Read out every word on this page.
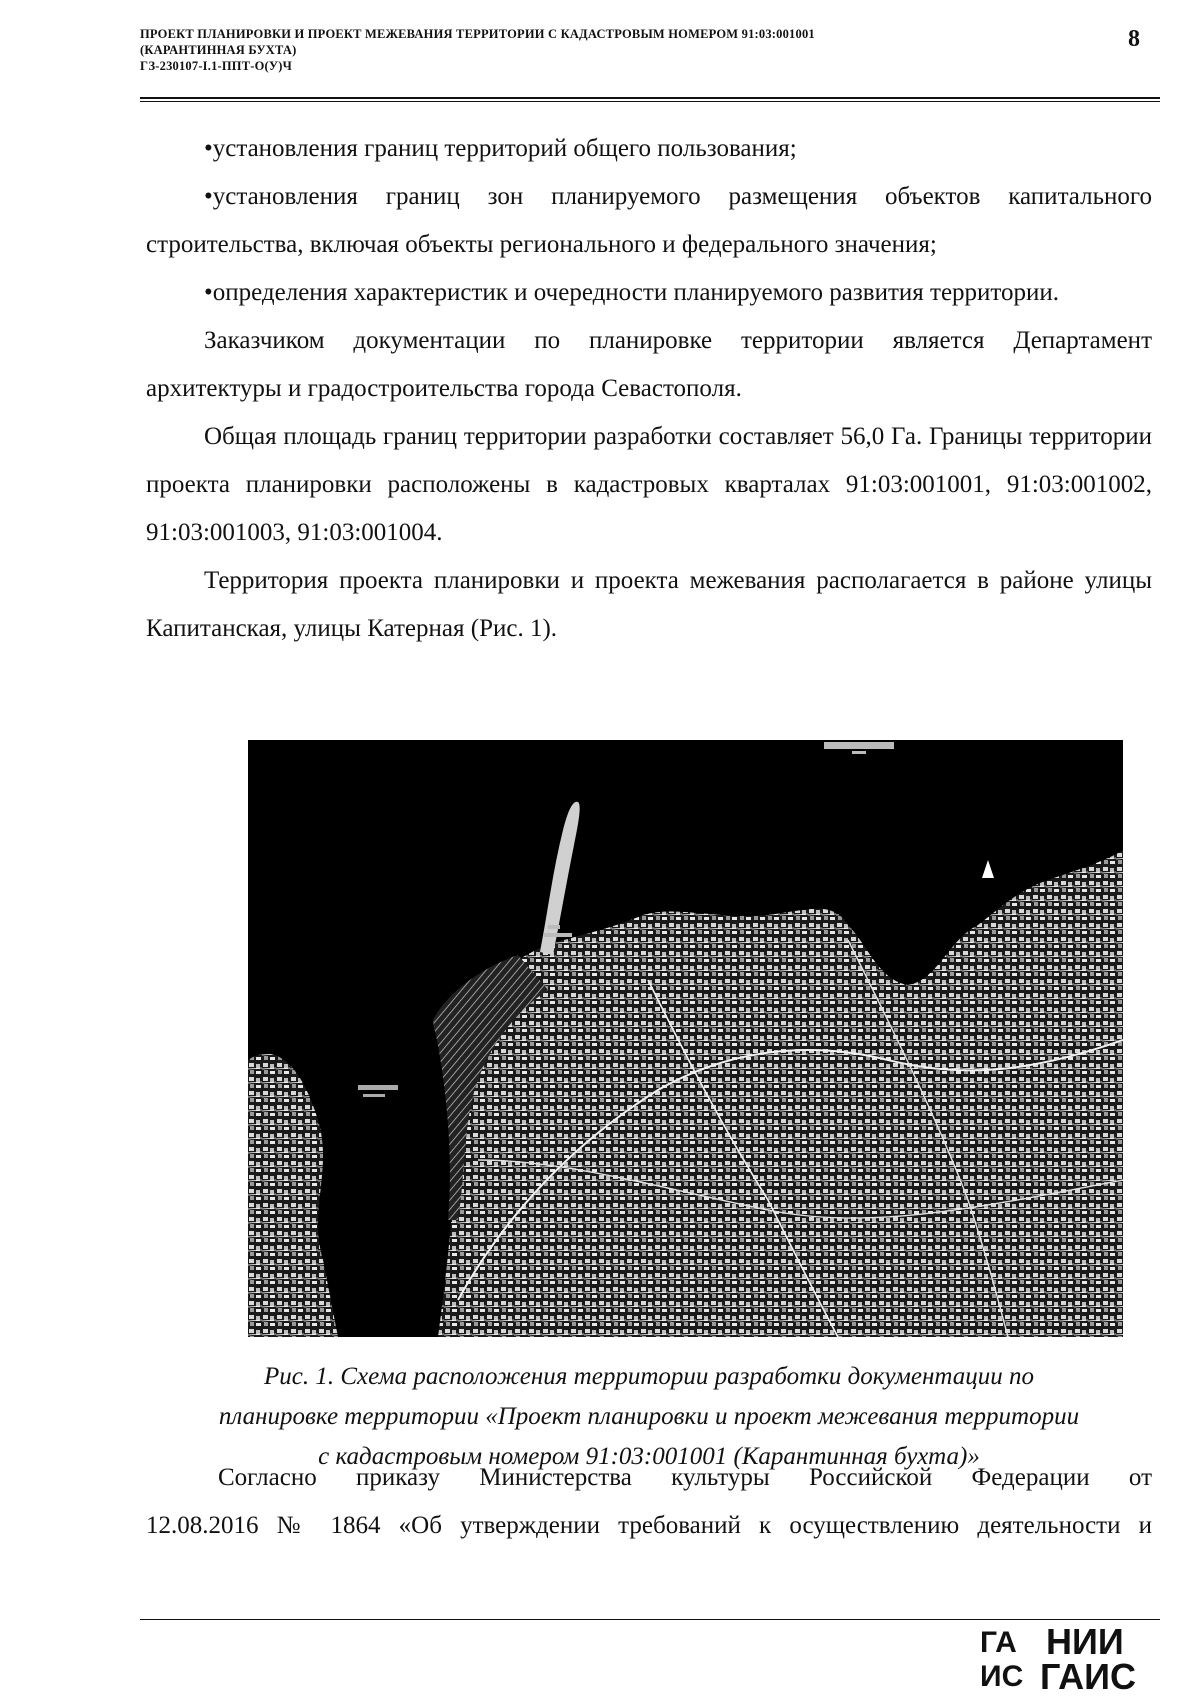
ПРОЕКТ ПЛАНИРОВКИ И ПРОЕКТ МЕЖЕВАНИЯ ТЕРРИТОРИИ С КАДАСТРОВЫМ НОМЕРОМ 91:03:001001
(КАРАНТИННАЯ БУХТА)
ГЗ-230107-I.1-ППТ-О(У)Ч
8

•установления границ территорий общего пользования;

•установления границ зон планируемого размещения объектов капитального строительства, включая объекты регионального и федерального значения;

•определения характеристик и очередности планируемого развития территории.

Заказчиком документации по планировке территории является Департамент архитектуры и градостроительства города Севастополя.

Общая площадь границ территории разработки составляет 56,0 Га. Границы территории проекта планировки расположены в кадастровых кварталах 91:03:001001, 91:03:001002, 91:03:001003, 91:03:001004.

Территория проекта планировки и проекта межевания располагается в районе улицы Капитанская, улицы Катерная (Рис. 1).

Рис. 1. Схема расположения территории разработки документации по
планировке территории «Проект планировки и проект межевания территории
с кадастровым номером 91:03:001001 (Карантинная бухта)»

Согласно приказу Министерства культуры Российской Федерации от

12.08.2016 № 1864 «Об утверждении требований к осуществлению деятельности и

ГА
ИС
НИИ
ГАИС
